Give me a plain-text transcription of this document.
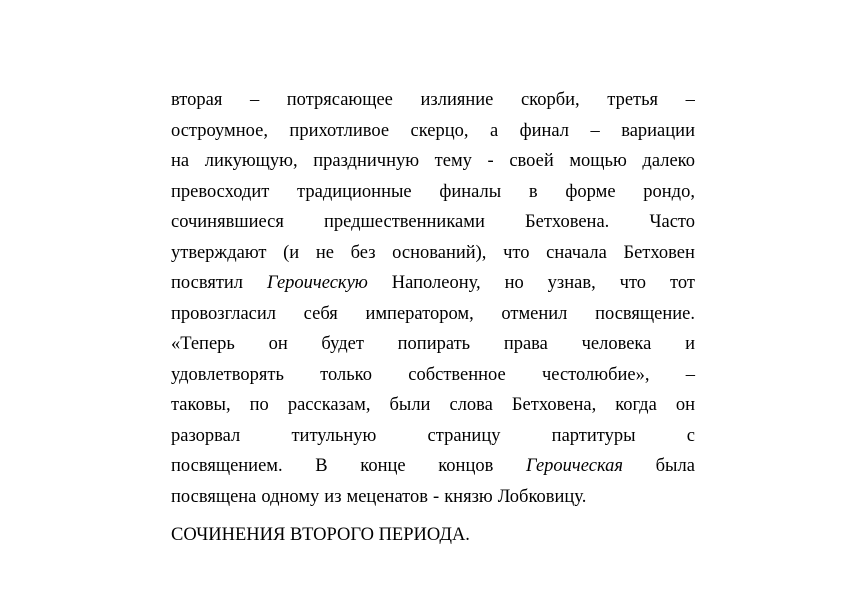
вторая – потрясающее излияние скорби, третья –
остроумное, прихотливое скерцо, а финал – вариации
на ликующую, праздничную тему - своей мощью далеко
превосходит традиционные финалы в форме рондо,
сочинявшиеся предшественниками Бетховена. Часто
утверждают (и не без оснований), что сначала Бетховен
посвятил Героическую Наполеону, но узнав, что тот
провозгласил себя императором, отменил посвящение.
«Теперь он будет попирать права человека и
удовлетворять только собственное честолюбие», –
таковы, по рассказам, были слова Бетховена, когда он
разорвал	титульную	страницу	партитуры	с
посвящением. В конце концов Героическая была
посвящена одному из меценатов - князю Лобковицу.
СОЧИНЕНИЯ ВТОРОГО ПЕРИОДА.
